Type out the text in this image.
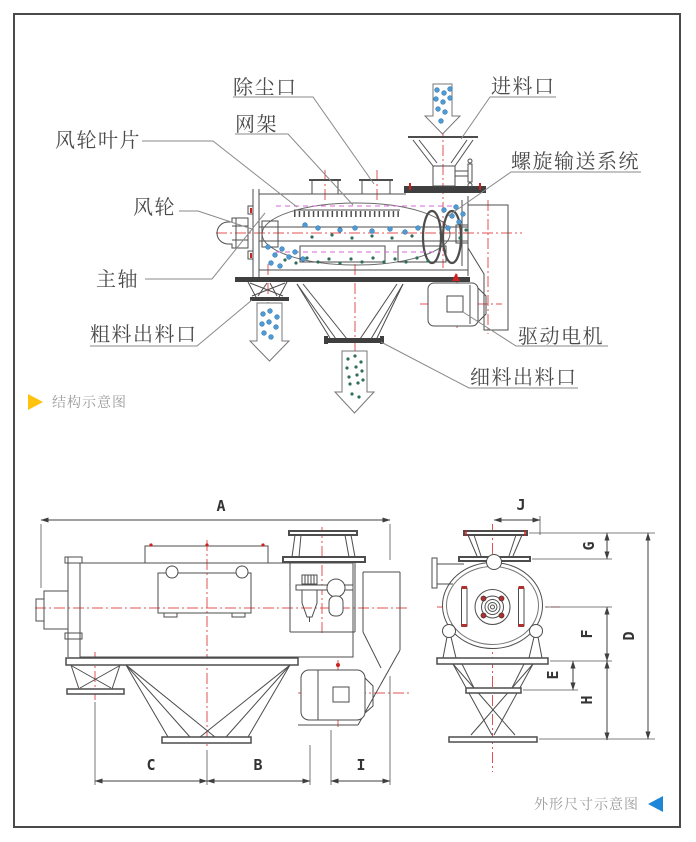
除尘口
网架
风轮叶片
风轮
主轴
粗料出料口
进料口
螺旋输送系统
驱动电机
细料出料口
A
C	B	I
J
G
D
F
E
H
结构示意图
外形尺寸示意图
